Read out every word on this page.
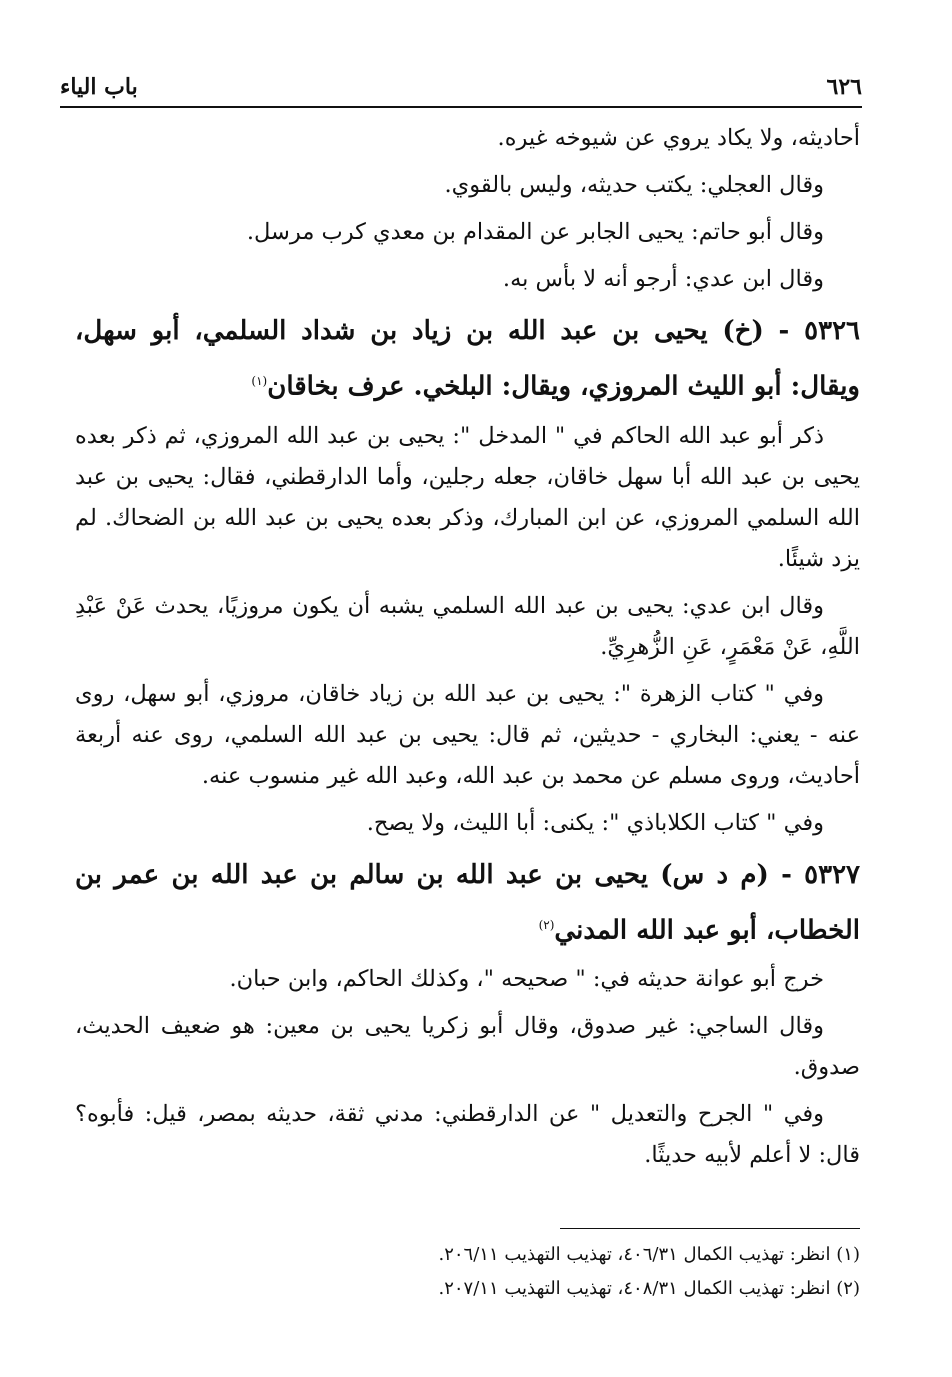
٦٢٦
باب الياء

أحاديثه، ولا يكاد يروي عن شيوخه غيره.

وقال العجلي: يكتب حديثه، وليس بالقوي.

وقال أبو حاتم: يحيى الجابر عن المقدام بن معدي كرب مرسل.

وقال ابن عدي: أرجو أنه لا بأس به.

٥٣٢٦ - (خ) يحيى بن عبد الله بن زياد بن شداد السلمي، أبو سهل، ويقال: أبو الليث المروزي، ويقال: البلخي. عرف بخاقان$^{(١)}$

ذكر أبو عبد الله الحاكم في " المدخل ": يحيى بن عبد الله المروزي، ثم ذكر بعده يحيى بن عبد الله أبا سهل خاقان، جعله رجلين، وأما الدارقطني، فقال: يحيى بن عبد الله السلمي المروزي، عن ابن المبارك، وذكر بعده يحيى بن عبد الله بن الضحاك. لم يزد شيئًا.

وقال ابن عدي: يحيى بن عبد الله السلمي يشبه أن يكون مروزيًا، يحدث عَنْ عَبْدِ اللَّهِ، عَنْ مَعْمَرٍ، عَنِ الزُّهرِيِّ.

وفي " كتاب الزهرة ": يحيى بن عبد الله بن زياد خاقان، مروزي، أبو سهل، روى عنه - يعني: البخاري - حديثين، ثم قال: يحيى بن عبد الله السلمي، روى عنه أربعة أحاديث، وروى مسلم عن محمد بن عبد الله، وعبد الله غير منسوب عنه.

وفي " كتاب الكلاباذي ": يكنى: أبا الليث، ولا يصح.

٥٣٢٧ - (م د س) يحيى بن عبد الله بن سالم بن عبد الله بن عمر بن الخطاب، أبو عبد الله المدني$^{(٢)}$

خرج أبو عوانة حديثه في: " صحيحه "، وكذلك الحاكم، وابن حبان.

وقال الساجي: غير صدوق، وقال أبو زكريا يحيى بن معين: هو ضعيف الحديث، صدوق.

وفي " الجرح والتعديل " عن الدارقطني: مدني ثقة، حديثه بمصر، قيل: فأبوه؟ قال: لا أعلم لأبيه حديثًا.

(١) انظر: تهذيب الكمال ٤٠٦/٣١، تهذيب التهذيب ٢٠٦/١١.

(٢) انظر: تهذيب الكمال ٤٠٨/٣١، تهذيب التهذيب ٢٠٧/١١.
